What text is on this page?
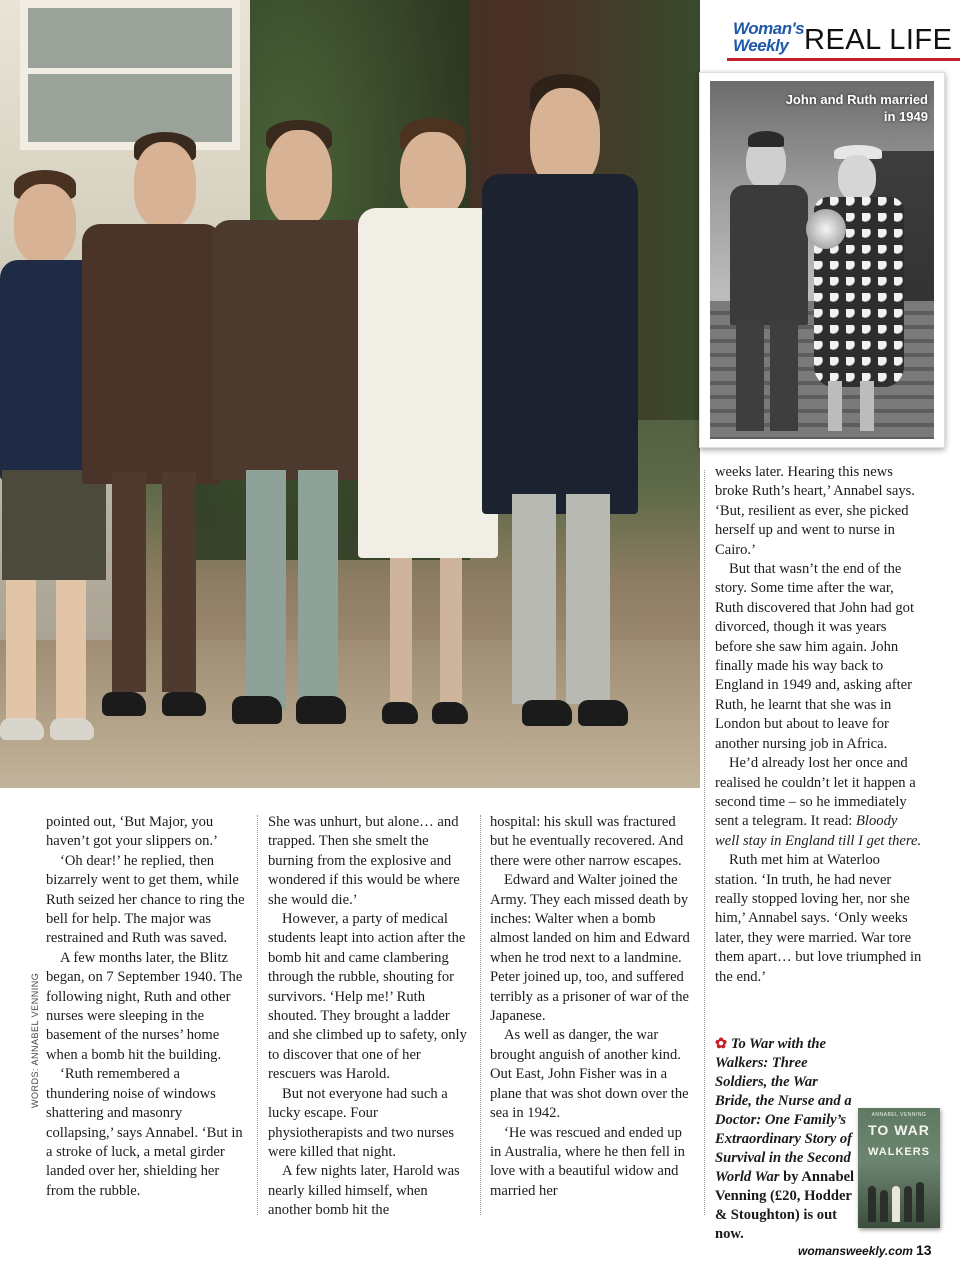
Woman's
Weekly REAL LIFE
John and Ruth married in 1949
WORDS: ANNABEL VENNING

pointed out, ‘But Major, you haven’t got your slippers on.’

‘Oh dear!’ he replied, then bizarrely went to get them, while Ruth seized her chance to ring the bell for help. The major was restrained and Ruth was saved.

A few months later, the Blitz began, on 7 September 1940. The following night, Ruth and other nurses were sleeping in the basement of the nurses’ home when a bomb hit the building.

‘Ruth remembered a thundering noise of windows shattering and masonry collapsing,’ says Annabel. ‘But in a stroke of luck, a metal girder landed over her, shielding her from the rubble.

She was unhurt, but alone… and trapped. Then she smelt the burning from the explosive and wondered if this would be where she would die.’

However, a party of medical students leapt into action after the bomb hit and came clambering through the rubble, shouting for survivors. ‘Help me!’ Ruth shouted. They brought a ladder and she climbed up to safety, only to discover that one of her rescuers was Harold.

But not everyone had such a lucky escape. Four physiotherapists and two nurses were killed that night.

A few nights later, Harold was nearly killed himself, when another bomb hit the

hospital: his skull was fractured but he eventually recovered. And there were other narrow escapes.

Edward and Walter joined the Army. They each missed death by inches: Walter when a bomb almost landed on him and Edward when he trod next to a landmine. Peter joined up, too, and suffered terribly as a prisoner of war of the Japanese.

As well as danger, the war brought anguish of another kind. Out East, John Fisher was in a plane that was shot down over the sea in 1942.

‘He was rescued and ended up in Australia, where he then fell in love with a beautiful widow and married her

weeks later. Hearing this news broke Ruth’s heart,’ Annabel says. ‘But, resilient as ever, she picked herself up and went to nurse in Cairo.’

But that wasn’t the end of the story. Some time after the war, Ruth discovered that John had got divorced, though it was years before she saw him again. John finally made his way back to England in 1949 and, asking after Ruth, he learnt that she was in London but about to leave for another nursing job in Africa.

He’d already lost her once and realised he couldn’t let it happen a second time – so he immediately sent a telegram. It read: Bloody well stay in England till I get there.

Ruth met him at Waterloo station. ‘In truth, he had never really stopped loving her, nor she him,’ Annabel says. ‘Only weeks later, they were married. War tore them apart… but love triumphed in the end.’

✿ To War with the Walkers: Three Soldiers, the War Bride, the Nurse and a Doctor: One Family’s Extraordinary Story of Survival in the Second World War by Annabel Venning (£20, Hodder & Stoughton) is out now.
ANNABEL VENNING
TO WAR
WALKERS
womansweekly.com 13
